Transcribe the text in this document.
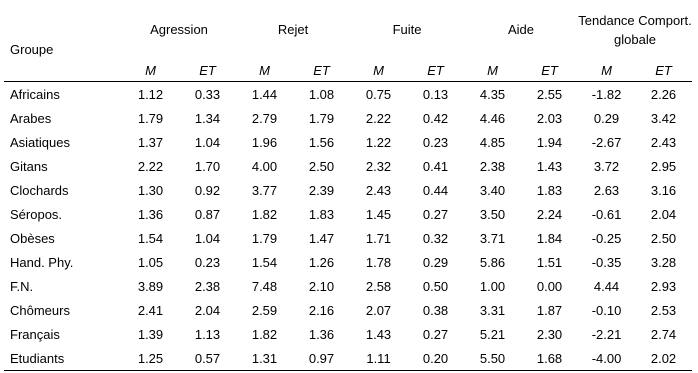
Groupe	Agression		Rejet		Fuite		Aide		Tendance Comport. globale	
	M	ET	M	ET	M	ET	M	ET	M	ET
Africains	1.12	0.33	1.44	1.08	0.75	0.13	4.35	2.55	-1.82	2.26
Arabes	1.79	1.34	2.79	1.79	2.22	0.42	4.46	2.03	0.29	3.42
Asiatiques	1.37	1.04	1.96	1.56	1.22	0.23	4.85	1.94	-2.67	2.43
Gitans	2.22	1.70	4.00	2.50	2.32	0.41	2.38	1.43	3.72	2.95
Clochards	1.30	0.92	3.77	2.39	2.43	0.44	3.40	1.83	2.63	3.16
Séropos.	1.36	0.87	1.82	1.83	1.45	0.27	3.50	2.24	-0.61	2.04
Obèses	1.54	1.04	1.79	1.47	1.71	0.32	3.71	1.84	-0.25	2.50
Hand. Phy.	1.05	0.23	1.54	1.26	1.78	0.29	5.86	1.51	-0.35	3.28
F.N.	3.89	2.38	7.48	2.10	2.58	0.50	1.00	0.00	4.44	2.93
Chômeurs	2.41	2.04	2.59	2.16	2.07	0.38	3.31	1.87	-0.10	2.53
Français	1.39	1.13	1.82	1.36	1.43	0.27	5.21	2.30	-2.21	2.74
Etudiants	1.25	0.57	1.31	0.97	1.11	0.20	5.50	1.68	-4.00	2.02
